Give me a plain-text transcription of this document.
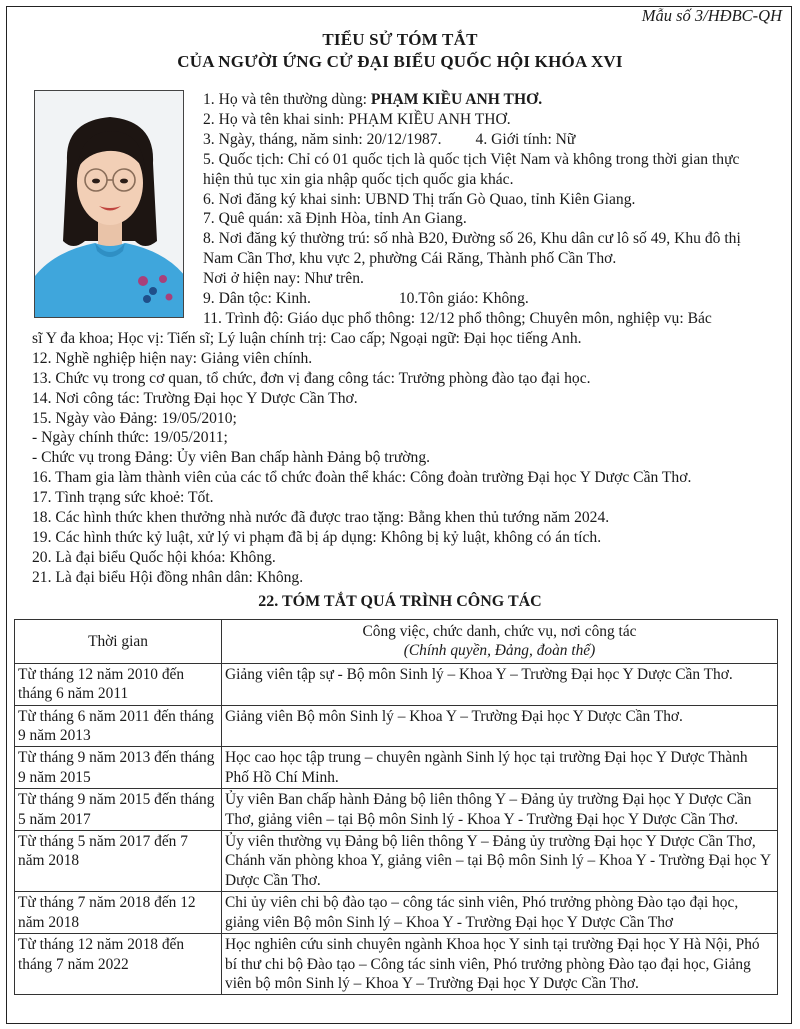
Mẫu số 3/HĐBC-QH
TIỂU SỬ TÓM TẮT
CỦA NGƯỜI ỨNG CỬ ĐẠI BIỂU QUỐC HỘI KHÓA XVI
1. Họ và tên thường dùng: PHẠM KIỀU ANH THƠ.
2. Họ và tên khai sinh: PHẠM KIỀU ANH THƠ.
3. Ngày, tháng, năm sinh: 20/12/1987. 4. Giới tính: Nữ
5. Quốc tịch: Chỉ có 01 quốc tịch là quốc tịch Việt Nam và không trong thời gian thực hiện thủ tục xin gia nhập quốc tịch quốc gia khác.
6. Nơi đăng ký khai sinh: UBND Thị trấn Gò Quao, tỉnh Kiên Giang.
7. Quê quán: xã Định Hòa, tỉnh An Giang.
8. Nơi đăng ký thường trú: số nhà B20, Đường số 26, Khu dân cư lô số 49, Khu đô thị Nam Cần Thơ, khu vực 2, phường Cái Răng, Thành phố Cần Thơ.
Nơi ở hiện nay: Như trên.
9. Dân tộc: Kinh.	10.Tôn giáo: Không.
11. Trình độ: Giáo dục phổ thông: 12/12 phổ thông; Chuyên môn, nghiệp vụ: Bác
sĩ Y đa khoa; Học vị: Tiến sĩ; Lý luận chính trị: Cao cấp; Ngoại ngữ: Đại học tiếng Anh.
12. Nghề nghiệp hiện nay: Giảng viên chính.
13. Chức vụ trong cơ quan, tổ chức, đơn vị đang công tác: Trưởng phòng đào tạo đại học.
14. Nơi công tác: Trường Đại học Y Dược Cần Thơ.
15. Ngày vào Đảng: 19/05/2010;
- Ngày chính thức: 19/05/2011;
- Chức vụ trong Đảng: Ủy viên Ban chấp hành Đảng bộ trường.
16. Tham gia làm thành viên của các tổ chức đoàn thể khác: Công đoàn trường Đại học Y Dược Cần Thơ.
17. Tình trạng sức khoẻ: Tốt.
18. Các hình thức khen thưởng nhà nước đã được trao tặng: Bằng khen thủ tướng năm 2024.
19. Các hình thức kỷ luật, xử lý vi phạm đã bị áp dụng: Không bị kỷ luật, không có án tích.
20. Là đại biểu Quốc hội khóa: Không.
21. Là đại biểu Hội đồng nhân dân: Không.
22. TÓM TẮT QUÁ TRÌNH CÔNG TÁC
Thời gian	Công việc, chức danh, chức vụ, nơi công tác
(Chính quyền, Đảng, đoàn thể)

Từ tháng 12 năm 2010 đến tháng 6 năm 2011	Giảng viên tập sự - Bộ môn Sinh lý – Khoa Y – Trường Đại học Y Dược Cần Thơ.
Từ tháng 6 năm 2011 đến tháng 9 năm 2013	Giảng viên Bộ môn Sinh lý – Khoa Y – Trường Đại học Y Dược Cần Thơ.
Từ tháng 9 năm 2013 đến tháng 9 năm 2015	Học cao học tập trung – chuyên ngành Sinh lý học tại trường Đại học Y Dược Thành Phố Hồ Chí Minh.
Từ tháng 9 năm 2015 đến tháng 5 năm 2017	Ủy viên Ban chấp hành Đảng bộ liên thông Y – Đảng ủy trường Đại học Y Dược Cần Thơ, giảng viên – tại Bộ môn Sinh lý - Khoa Y - Trường Đại học Y Dược Cần Thơ.
Từ tháng 5 năm 2017 đến 7 năm 2018	Ủy viên thường vụ Đảng bộ liên thông Y – Đảng ủy trường Đại học Y Dược Cần Thơ, Chánh văn phòng khoa Y, giảng viên – tại Bộ môn Sinh lý – Khoa Y - Trường Đại học Y Dược Cần Thơ.
Từ tháng 7 năm 2018 đến 12 năm 2018	Chi ủy viên chi bộ đào tạo – công tác sinh viên, Phó trưởng phòng Đào tạo đại học, giảng viên Bộ môn Sinh lý – Khoa Y - Trường Đại học Y Dược Cần Thơ
Từ tháng 12 năm 2018 đến tháng 7 năm 2022	Học nghiên cứu sinh chuyên ngành Khoa học Y sinh tại trường Đại học Y Hà Nội, Phó bí thư chi bộ Đào tạo – Công tác sinh viên, Phó trưởng phòng Đào tạo đại học, Giảng viên bộ môn Sinh lý – Khoa Y – Trường Đại học Y Dược Cần Thơ.
